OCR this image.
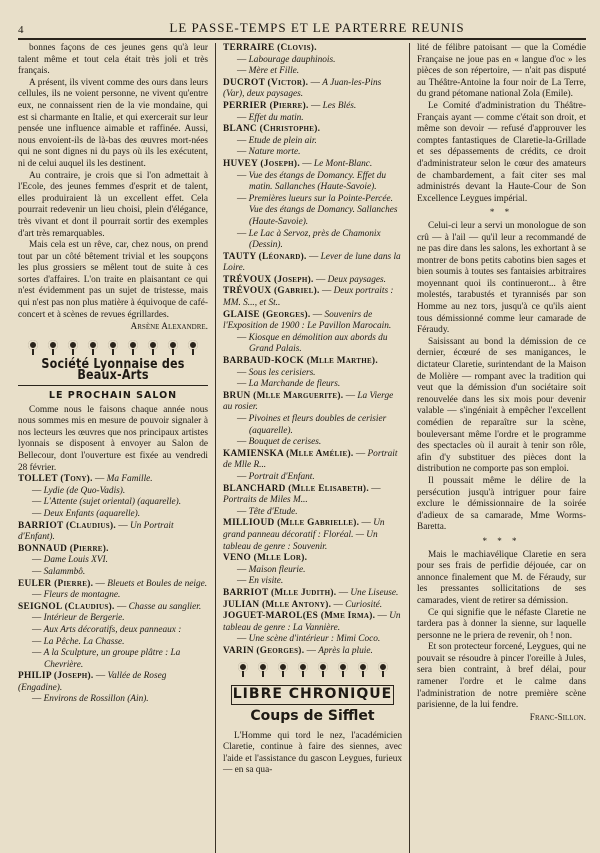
4	LE PASSE-TEMPS ET LE PARTERRE REUNIS

bonnes façons de ces jeunes gens qu'à leur talent même et tout cela était très joli et très français.

A présent, ils vivent comme des ours dans leurs cellules, ils ne voient personne, ne vivent qu'entre eux, ne connaissent rien de la vie mondaine, qui est si charmante en Italie, et qui exercerait sur leur pensée une influence aimable et raffinée. Aussi, nous envoient-ils de là-bas des œuvres mort-nées qui ne sont dignes ni du pays où ils les exécutent, ni de celui auquel ils les destinent.

Au contraire, je crois que si l'on admettait à l'Ecole, des jeunes femmes d'esprit et de talent, elles produiraient là un excellent effet. Cela pourrait redevenir un lieu choisi, plein d'élégance, très vivant et dont il pourrait sortir des exemples d'art très remarquables.

Mais cela est un rêve, car, chez nous, on prend tout par un côté bêtement trivial et les soupçons les plus grossiers se mêlent tout de suite à ces sortes d'affaires. L'on traite en plaisantant ce qui n'est évidemment pas un sujet de tristesse, mais qui n'est pas non plus matière à équivoque de café-concert et à scènes de revues égrillardes.

Arsène Alexandre.
Société Lyonnaise des Beaux-Arts
LE PROCHAIN SALON

Comme nous le faisons chaque année nous nous sommes mis en mesure de pouvoir signaler à nos lecteurs les œuvres que nos principaux artistes lyonnais se disposent à envoyer au Salon de Bellecour, dont l'ouverture est fixée au vendredi 28 février.

TOLLET (Tony). — Ma Famille.
— Lydie (de Quo-Vadis).
— L'Attente (sujet oriental) (aquarelle).
— Deux Enfants (aquarelle).
BARRIOT (Claudius). — Un Portrait d'Enfant).
BONNAUD (Pierre).
— Dame Louis XVI.
— Salammbô.
EULER (Pierre). — Bleuets et Boules de neige.
— Fleurs de montagne.
SEIGNOL (Claudius). — Chasse au sanglier.
— Intérieur de Bergerie.
— Aux Arts décoratifs, deux panneaux :
— La Pêche. La Chasse.
— A la Sculpture, un groupe plâtre : La Chevrière.
PHILIP (Joseph). — Vallée de Roseg (Engadine).
— Environs de Rossillon (Ain).
TERRAIRE (Clovis).
— Labourage dauphinois.
— Mère et Fille.
DUCROT (Victor). — A Juan-les-Pins (Var), deux paysages.
PERRIER (Pierre). — Les Blés.
— Effet du matin.
BLANC (Christophe).
— Etude de plein air.
— Nature morte.
HUVEY (Joseph). — Le Mont-Blanc.
— Vue des étangs de Domancy. Effet du matin. Sallanches (Haute-Savoie).
— Premières lueurs sur la Pointe-Percée. Vue des étangs de Domancy. Sallanches (Haute-Savoie).
— Le Lac à Servoz, près de Chamonix (Dessin).
TAUTY (Léonard). — Lever de lune dans la Loire.
TRÉVOUX (Joseph). — Deux paysages.
TRÉVOUX (Gabriel). — Deux portraits : MM. S..., et St..
GLAISE (Georges). — Souvenirs de l'Exposition de 1900 : Le Pavillon Marocain.
— Kiosque en démolition aux abords du Grand Palais.
BARBAUD-KOCK (Mlle Marthe).
— Sous les cerisiers.
— La Marchande de fleurs.
BRUN (Mlle Marguerite). — La Vierge au rosier.
— Pivoines et fleurs doubles de cerisier (aquarelle).
— Bouquet de cerises.
KAMIENSKA (Mlle Amélie). — Portrait de Mlle R...
— Portrait d'Enfant.
BLANCHARD (Mlle Elisabeth). — Portraits de Miles M...
— Tête d'Etude.
MILLIOUD (Mlle Gabrielle). — Un grand panneau décoratif : Floréal. — Un tableau de genre : Souvenir.
VENO (Mlle Lor).
— Maison fleurie.
— En visite.
BARRIOT (Mlle Judith). — Une Liseuse.
JULIAN (Mlle Antony). — Curiosité.
JOGUET-MAROL(ES (Mme Irma). — Un tableau de genre : La Vannière.
— Une scène d'intérieur : Mimi Coco.
VARIN (Georges). — Après la pluie.
LIBRE CHRONIQUE
Coups de Sifflet

L'Homme qui tord le nez, l'académicien Claretie, continue à faire des siennes, avec l'aide et l'assistance du gascon Leygues, furieux — en sa qua-

lité de félibre patoisant — que la Comédie Française ne joue pas en « langue d'oc » les pièces de son répertoire, — n'ait pas disputé au Théâtre-Antoine la four noir de La Terre, du grand pétomane national Zola (Emile).

Le Comité d'administration du Théâtre-Français ayant — comme c'était son droit, et même son devoir — refusé d'approuver les comptes fantastiques de Claretie-la-Grillade et ses dépassements de crédits, ce droit d'administrateur selon le cœur des amateurs de chambardement, a fait citer ses mal administrés devant la Haute-Cour de Son Excellence Leygues impérial.

* *

Celui-ci leur a servi un monologue de son crû — à l'ail — qu'il leur a recommandé de ne pas dire dans les salons, les exhortant à se montrer de bons petits cabotins bien sages et bien soumis à toutes ses fantaisies arbitraires moyennant quoi ils continueront... à être molestés, tarabustés et tyrannisés par son Homme au nez tors, jusqu'à ce qu'ils aient tous démissionné comme leur camarade de Féraudy.

Saisissant au bond la démission de ce dernier, écœuré de ses manigances, le dictateur Claretie, surintendant de la Maison de Molière — rompant avec la tradition qui veut que la démission d'un sociétaire soit renouvelée dans les six mois pour devenir valable — s'ingéniait à empêcher l'excellent comédien de reparaître sur la scène, bouleversant même l'ordre et le programme des spectacles où il aurait à tenir son rôle, afin d'y substituer des pièces dont la distribution ne comporte pas son emploi.

Il poussait même le délire de la persécution jusqu'à intriguer pour faire exclure le démissionnaire de la soirée d'adieux de sa camarade, Mme Worms-Baretta.

* * *

Mais le machiavélique Claretie en sera pour ses frais de perfidie déjouée, car on annonce finalement que M. de Féraudy, sur les pressantes sollicitations de ses camarades, vient de retirer sa démission.

Ce qui signifie que le néfaste Claretie ne tardera pas à donner la sienne, sur laquelle personne ne le priera de revenir, oh ! non.

Et son protecteur forcené, Leygues, qui ne pouvait se résoudre à pincer l'oreille à Jules, sera bien contraint, à bref délai, pour ramener l'ordre et le calme dans l'administration de notre première scène parisienne, de la lui fendre.

Franc-Sillon.
